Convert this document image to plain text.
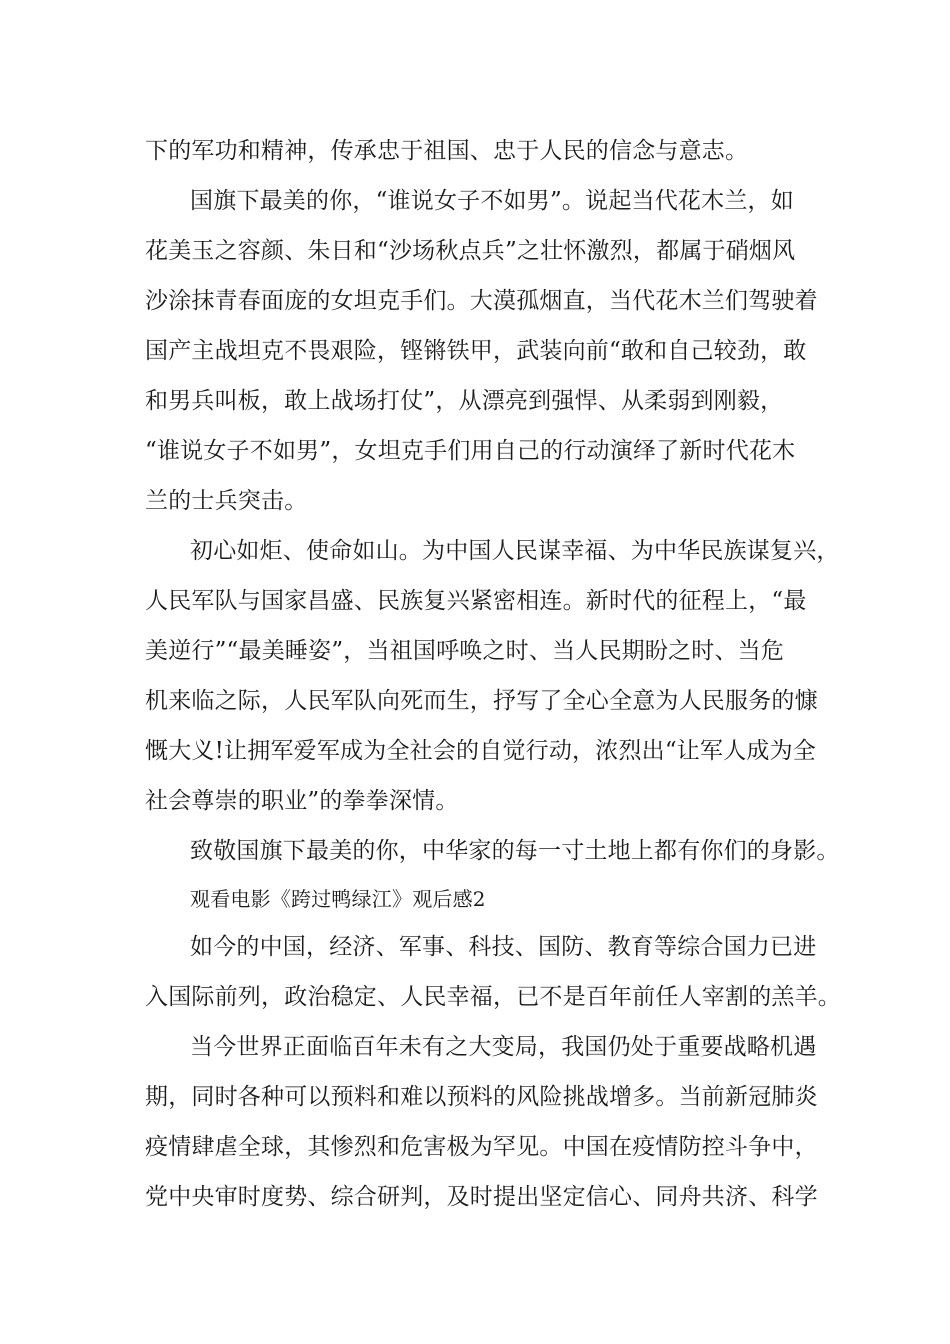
下的军功和精神，传承忠于祖国、忠于人民的信念与意志。

国旗下最美的你，“谁说女子不如男”。说起当代花木兰，如

花美玉之容颜、朱日和“沙场秋点兵”之壮怀激烈，都属于硝烟风

沙涂抹青春面庞的女坦克手们。大漠孤烟直，当代花木兰们驾驶着

国产主战坦克不畏艰险，铿锵铁甲，武装向前“敢和自己较劲，敢

和男兵叫板，敢上战场打仗”，从漂亮到强悍、从柔弱到刚毅，

“谁说女子不如男”，女坦克手们用自己的行动演绎了新时代花木

兰的士兵突击。

初心如炬、使命如山。为中国人民谋幸福、为中华民族谋复兴，

人民军队与国家昌盛、民族复兴紧密相连。新时代的征程上，“最

美逆行”“最美睡姿”，当祖国呼唤之时、当人民期盼之时、当危

机来临之际，人民军队向死而生，抒写了全心全意为人民服务的慷

慨大义!让拥军爱军成为全社会的自觉行动，浓烈出“让军人成为全

社会尊崇的职业”的拳拳深情。

致敬国旗下最美的你，中华家的每一寸土地上都有你们的身影。

观看电影《跨过鸭绿江》观后感2

如今的中国，经济、军事、科技、国防、教育等综合国力已进

入国际前列，政治稳定、人民幸福，已不是百年前任人宰割的羔羊。

当今世界正面临百年未有之大变局，我国仍处于重要战略机遇

期，同时各种可以预料和难以预料的风险挑战增多。当前新冠肺炎

疫情肆虐全球，其惨烈和危害极为罕见。中国在疫情防控斗争中，

党中央审时度势、综合研判，及时提出坚定信心、同舟共济、科学
